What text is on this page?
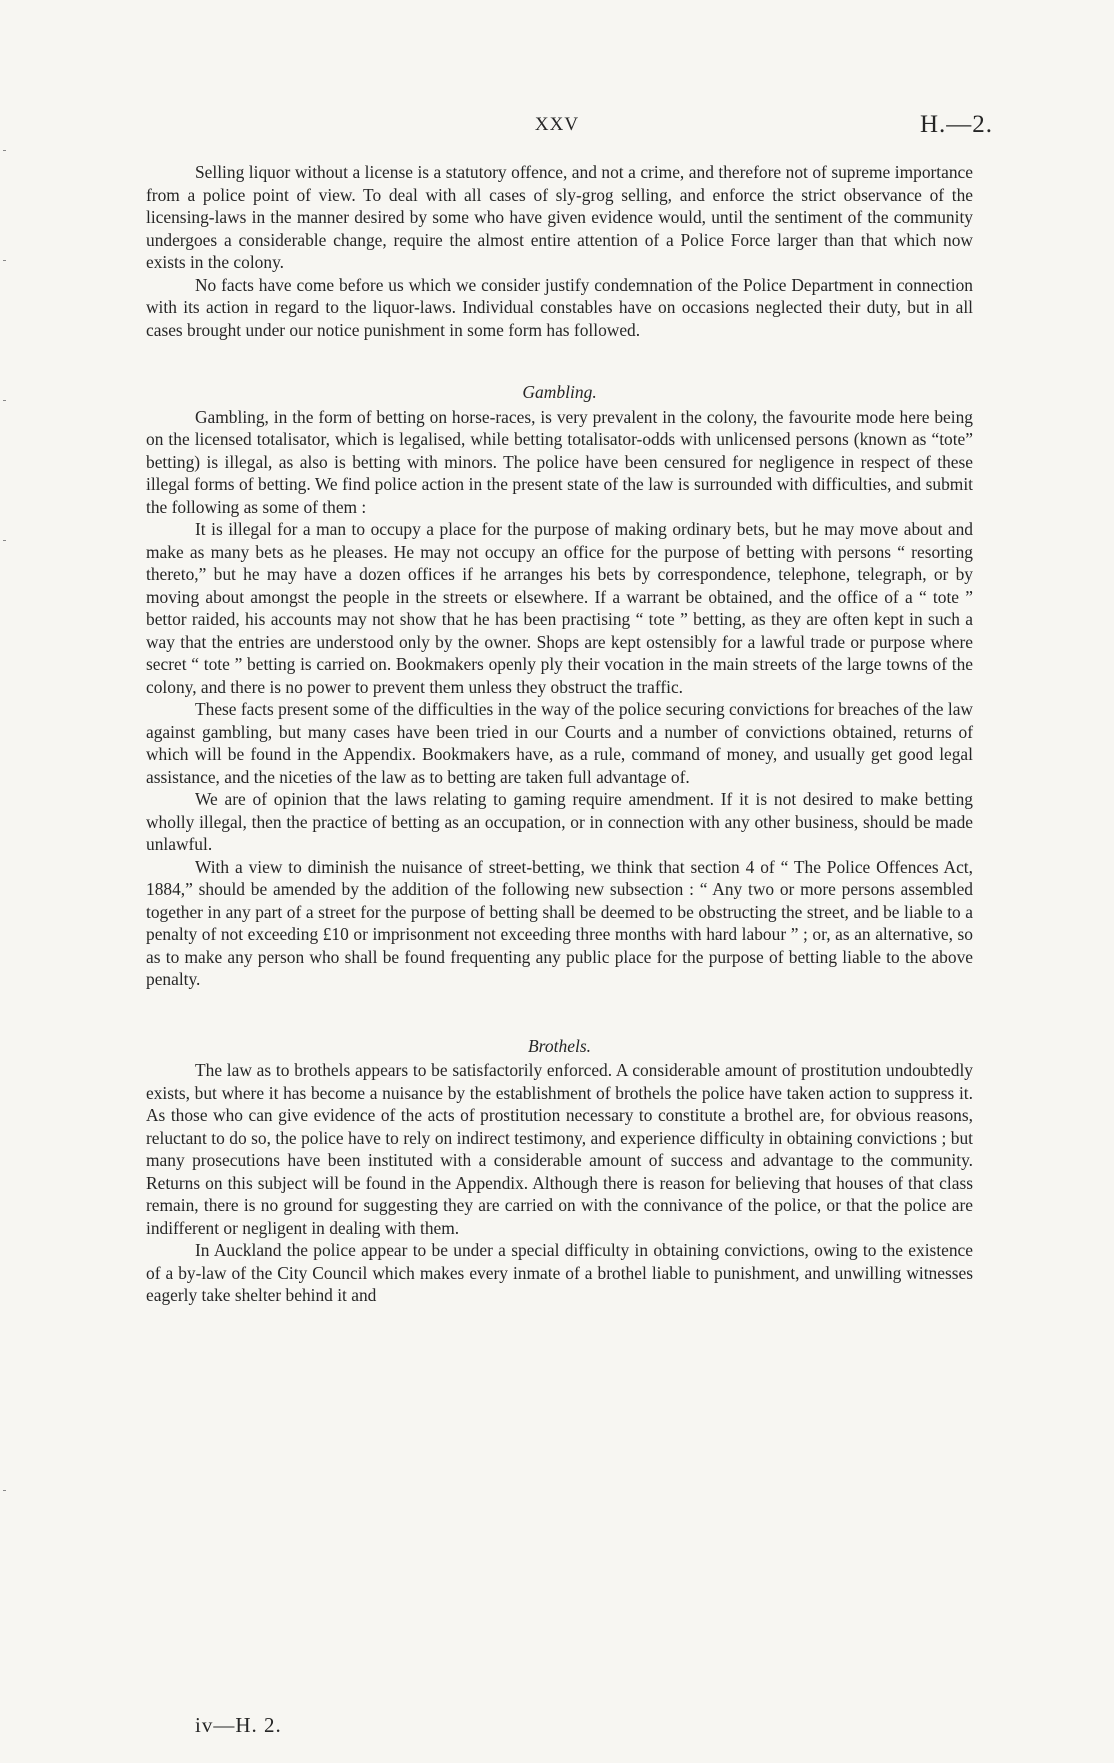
XXV	H.—2.

Selling liquor without a license is a statutory offence, and not a crime, and therefore not of supreme importance from a police point of view. To deal with all cases of sly-grog selling, and enforce the strict observance of the licensing-laws in the manner desired by some who have given evidence would, until the sentiment of the community undergoes a considerable change, require the almost entire attention of a Police Force larger than that which now exists in the colony.

No facts have come before us which we consider justify condemnation of the Police Department in connection with its action in regard to the liquor-laws. Individual constables have on occasions neglected their duty, but in all cases brought under our notice punishment in some form has followed.

Gambling.

Gambling, in the form of betting on horse-races, is very prevalent in the colony, the favourite mode here being on the licensed totalisator, which is legalised, while betting totalisator-odds with unlicensed persons (known as “tote” betting) is illegal, as also is betting with minors. The police have been censured for negligence in respect of these illegal forms of betting. We find police action in the present state of the law is surrounded with difficulties, and submit the following as some of them :

It is illegal for a man to occupy a place for the purpose of making ordinary bets, but he may move about and make as many bets as he pleases. He may not occupy an office for the purpose of betting with persons “ resorting thereto,” but he may have a dozen offices if he arranges his bets by correspondence, telephone, telegraph, or by moving about amongst the people in the streets or elsewhere. If a warrant be obtained, and the office of a “ tote ” bettor raided, his accounts may not show that he has been practising “ tote ” betting, as they are often kept in such a way that the entries are understood only by the owner. Shops are kept ostensibly for a lawful trade or purpose where secret “ tote ” betting is carried on. Bookmakers openly ply their vocation in the main streets of the large towns of the colony, and there is no power to prevent them unless they obstruct the traffic.

These facts present some of the difficulties in the way of the police securing convictions for breaches of the law against gambling, but many cases have been tried in our Courts and a number of convictions obtained, returns of which will be found in the Appendix. Bookmakers have, as a rule, command of money, and usually get good legal assistance, and the niceties of the law as to betting are taken full advantage of.

We are of opinion that the laws relating to gaming require amendment. If it is not desired to make betting wholly illegal, then the practice of betting as an occupation, or in connection with any other business, should be made unlawful.

With a view to diminish the nuisance of street-betting, we think that section 4 of “ The Police Offences Act, 1884,” should be amended by the addition of the following new subsection : “ Any two or more persons assembled together in any part of a street for the purpose of betting shall be deemed to be obstructing the street, and be liable to a penalty of not exceeding £10 or imprisonment not exceeding three months with hard labour ” ; or, as an alternative, so as to make any person who shall be found frequenting any public place for the purpose of betting liable to the above penalty.

Brothels.

The law as to brothels appears to be satisfactorily enforced. A considerable amount of prostitution undoubtedly exists, but where it has become a nuisance by the establishment of brothels the police have taken action to suppress it. As those who can give evidence of the acts of prostitution necessary to constitute a brothel are, for obvious reasons, reluctant to do so, the police have to rely on indirect testimony, and experience difficulty in obtaining convictions ; but many prosecutions have been instituted with a considerable amount of success and advantage to the community. Returns on this subject will be found in the Appendix. Although there is reason for believing that houses of that class remain, there is no ground for suggesting they are carried on with the connivance of the police, or that the police are indifferent or negligent in dealing with them.

In Auckland the police appear to be under a special difficulty in obtaining convictions, owing to the existence of a by-law of the City Council which makes every inmate of a brothel liable to punishment, and unwilling witnesses eagerly take shelter behind it and

iv—H. 2.
